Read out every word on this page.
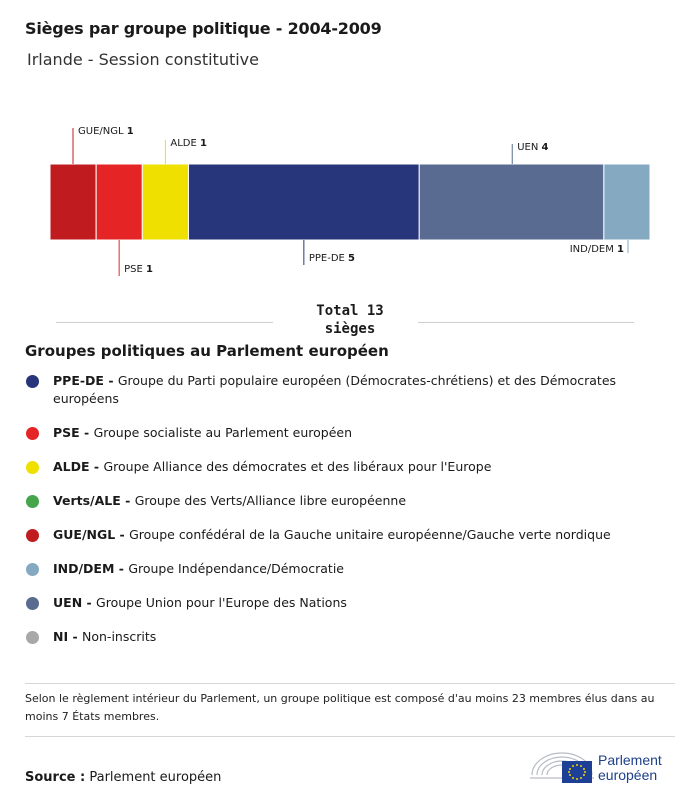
Sièges par groupe politique - 2004-2009
Irlande - Session constitutive
GUE/NGL 1
PSE 1
ALDE 1
PPE-DE 5
UEN 4
IND/DEM 1
Total 13
sièges
Groupes politiques au Parlement européen
PPE-DE - Groupe du Parti populaire européen (Démocrates-chrétiens) et des Démocrates européens
PSE - Groupe socialiste au Parlement européen
ALDE - Groupe Alliance des démocrates et des libéraux pour l'Europe
Verts/ALE - Groupe des Verts/Alliance libre européenne
GUE/NGL - Groupe confédéral de la Gauche unitaire européenne/Gauche verte nordique
IND/DEM - Groupe Indépendance/Démocratie
UEN - Groupe Union pour l'Europe des Nations
NI - Non-inscrits
Selon le règlement intérieur du Parlement, un groupe politique est composé d'au moins 23 membres élus dans au moins 7 États membres.
Source : Parlement européen
Parlement
européen
